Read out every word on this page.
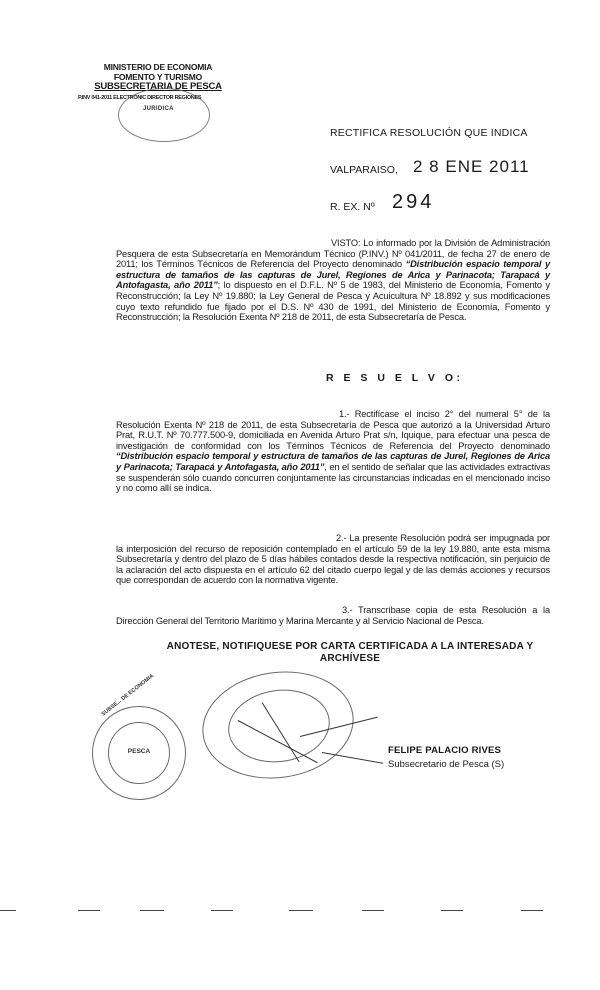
MINISTERIO DE ECONOMIA
FOMENTO Y TURISMO
SUBSECRETARIA DE PESCA
P.INV 041-2011 ELECTRONIC DIRECTOR REGIONES
JURIDICA
RECTIFICA RESOLUCIÓN QUE INDICA
VALPARAISO, 2 8 ENE 2011
R. EX. Nº 294
VISTO: Lo informado por la División de Administración Pesquera de esta Subsecretaría en Memorándum Técnico (P.INV.) Nº 041/2011, de fecha 27 de enero de 2011; los Términos Técnicos de Referencia del Proyecto denominado “Distribución espacio temporal y estructura de tamaños de las capturas de Jurel, Regiones de Arica y Parinacota; Tarapacá y Antofagasta, año 2011”; lo dispuesto en el D.F.L. Nº 5 de 1983, del Ministerio de Economía, Fomento y Reconstrucción; la Ley Nº 19.880; la Ley General de Pesca y Acuicultura Nº 18.892 y sus modificaciones cuyo texto refundido fue fijado por el D.S. Nº 430 de 1991, del Ministerio de Economía, Fomento y Reconstrucción; la Resolución Exenta Nº 218 de 2011, de esta Subsecretaría de Pesca.
R E S U E L V O:
1.- Rectifícase el inciso 2° del numeral 5° de la Resolución Exenta Nº 218 de 2011, de esta Subsecretaría de Pesca que autorizó a la Universidad Arturo Prat, R.U.T. Nº 70.777.500-9, domiciliada en Avenida Arturo Prat s/n, Iquique, para efectuar una pesca de investigación de conformidad con los Términos Técnicos de Referencia del Proyecto denominado “Distribución espacio temporal y estructura de tamaños de las capturas de Jurel, Regiones de Arica y Parinacota; Tarapacá y Antofagasta, año 2011”, en el sentido de señalar que las actividades extractivas se suspenderán sólo cuando concurren conjuntamente las circunstancias indicadas en el mencionado inciso y no como allí se indica.
2.- La presente Resolución podrá ser impugnada por la interposición del recurso de reposición contemplado en el artículo 59 de la ley 19.880, ante esta misma Subsecretaría y dentro del plazo de 5 días hábiles contados desde la respectiva notificación, sin perjuicio de la aclaración del acto dispuesta en el artículo 62 del citado cuerpo legal y de las demás acciones y recursos que correspondan de acuerdo con la normativa vigente.
3.- Transcríbase copia de esta Resolución a la Dirección General del Territorio Marítimo y Marina Mercante y al Servicio Nacional de Pesca.
ANOTESE, NOTIFIQUESE POR CARTA CERTIFICADA A LA INTERESADA Y ARCHÍVESE
PESCA
SUBSE... DE ECONOMIA
FELIPE PALACIO RIVES
Subsecretario de Pesca (S)
